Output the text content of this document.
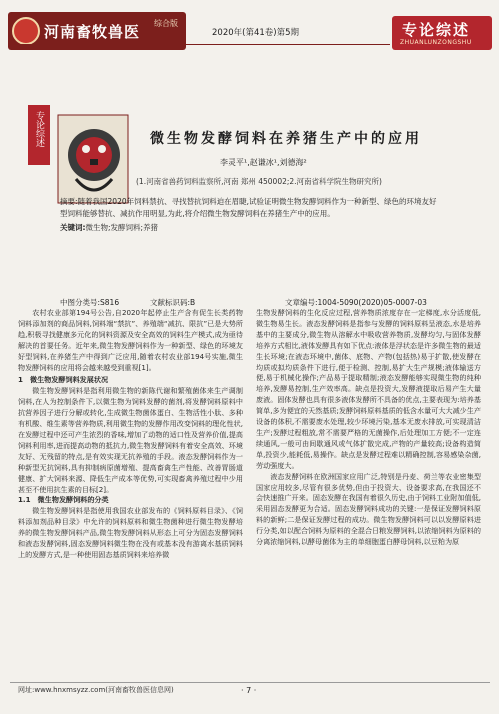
河南畜牧兽医 综合版
2020年(第41卷)第5期	专论综述
ZHUANLUNZONGSHU
专论综述	微生物发酵饲料在养猪生产中的应用
李灵平¹,赵谦冰¹,刘德海²
(1.河南省兽药饲料监察所,河南 郑州 450002;2.河南省科学院生物研究所)
摘要:随着我国2020年饲料禁抗、寻找替抗饲料迫在眉睫,试验证明微生物发酵饲料作为一种新型、绿色的环境友好型饲料能够替抗、减抗作用明显,为此,将介绍微生物发酵饲料在养猪生产中的应用。
关键词:微生物;发酵饲料;养猪
中图分类号:S816	文献标识码:B	文章编号:1004-5090(2020)05-0007-03

农村农业部第194号公告,自2020年起停止生产含有促生长类药物饲料添加剂的商品饲料,饲料端“禁抗”、养殖端“减抗、限抗”已是大势所趋,积极寻找健康多元化的饲料资源及安全高效的饲料生产模式,成为亟待解决的首要任务。近年来,微生物发酵饲料作为一种新型、绿色的环境友好型饲料,在养猪生产中得到广泛应用,随着农村农业部194号实施,微生物发酵饲料的应用将会越来越受到重视[1]。

1　微生物发酵饲料发展状况

微生物发酵饲料是指利用微生物的新陈代谢和繁殖菌体来生产调制饲料,在人为控制条件下,以微生物为饲料发酵的菌剂,将发酵饲料原料中抗营养因子进行分解或转化,生成微生物菌体蛋白、生物活性小肽、多种有机酸、维生素等营养物质,利用微生物的发酵作用改变饲料的理化性状,在发酵过程中还可产生浓烈的香味,增加了动物的适口性及营养价值,提高饲料利用率,进而提高动物的抵抗力,微生物发酵饲料有着安全高效、环境友好、无残留的特点,是有效实现无抗养殖的手段。液态发酵饲料作为一种新型无抗饲料,具有抑制病原菌增殖、提高畜禽生产性能、改善胃肠道健康、扩大饲料来源、降低生产成本等优势,可实现畜禽养殖过程中少用甚至不使用抗生素的目标[2]。

1.1　微生物发酵饲料的分类

微生物发酵饲料是指使用我国农业部发布的《饲料原料目录》、《饲料添加剂品种目录》中允许的饲料原料和微生物菌种进行微生物发酵培养的微生物发酵饲料产品,微生物发酵饲料从形态上可分为固态发酵饲料和液态发酵饲料,固态发酵饲料微生物在没有或基本没有游离水基质饲料上的发酵方式,是一种使用固态基质饲料来培养微

生物发酵饲料的生化反应过程,营养物质浓度存在一定梯度,水分活度低,微生物易生长。液态发酵饲料是指参与发酵的饲料原料呈液态,水是培养基中的主要成分,微生物从溶解水中吸收营养物质,发酵均匀,与固体发酵培养方式相比,液体发酵具有如下优点:液体是浮状态是许多微生物的最适生长环境;在液态环境中,菌体、底物、产物(包括热)易于扩散,使发酵在均质或拟均质条件下进行,便于检测、控制,易扩大生产规模;液体输送方便,易于机械化操作;产品易于提取精制;液态发酵能够实现微生物的纯种培养,发酵易控制,生产效率高。缺点是投资大,发酵液提取后易产生大量废液。固体发酵也具有很多液体发酵所不具备的优点,主要表现为:培养基简单,多为便宜的天然基质;发酵饲料原料基质的低含水量可大大减少生产设备的体积,不需要废水处理,较少环境污染,基本无废水排放,可实现清洁生产;发酵过程粗放,常不需要严格的无菌操作,后处理加工方便;不一定连续通风,一般可由间歇通风或气体扩散完成,产物的产量较高;设备构造简单,投资少,能耗低,易操作。缺点是发酵过程难以精确控制,容易感染杂菌,劳动强度大。

液态发酵饲料在欧洲国家应用广泛,特别是丹麦、荷兰等农业密集型国家应用较多,尽管有很多优势,但由于投资大、设备要求高,在我国还不会快速推广开来。固态发酵在我国有着很久历史,由于饲料工业附加值低,采用固态发酵更为合适。固态发酵饲料成功的关键:一是保证发酵饲料原料的新鲜;二是保证发酵过程的成功。微生物发酵饲料可以以发酵原料进行分类,如以配合饲料为原料的全混合日粮发酵饲料,以浓缩饲料为原料的分离浓缩饲料,以酵母菌体为主的单细胞蛋白酵母饲料,以豆粕为原

网址:www.hnxmsyzz.com(河南畜牧兽医信息网)	· 7 ·
